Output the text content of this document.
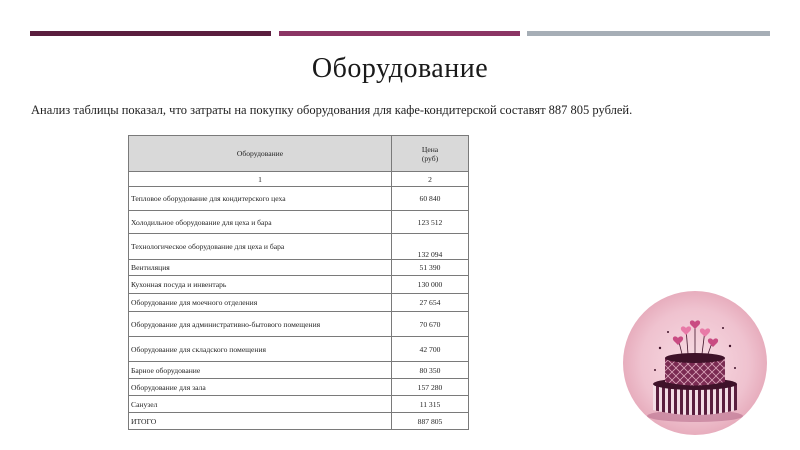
Оборудование
Анализ таблицы показал, что затраты на покупку оборудования для кафе-кондитерской составят 887 805 рублей.
Оборудование	Цена
(руб)
1	2
Тепловое оборудование для кондитерского цеха	60 840
Холодильное оборудование для цеха и бара	123 512
Технологическое оборудование для цеха и бара	132 094
Вентиляция	51 390
Кухонная посуда и инвентарь	130 000
Оборудование для моечного отделения	27 654
Оборудование для административно-бытового помещения	70 670
Оборудование для складского помещения	42 700
Барное оборудование	80 350
Оборудование для зала	157 280
Санузел	11 315
ИТОГО	887 805
